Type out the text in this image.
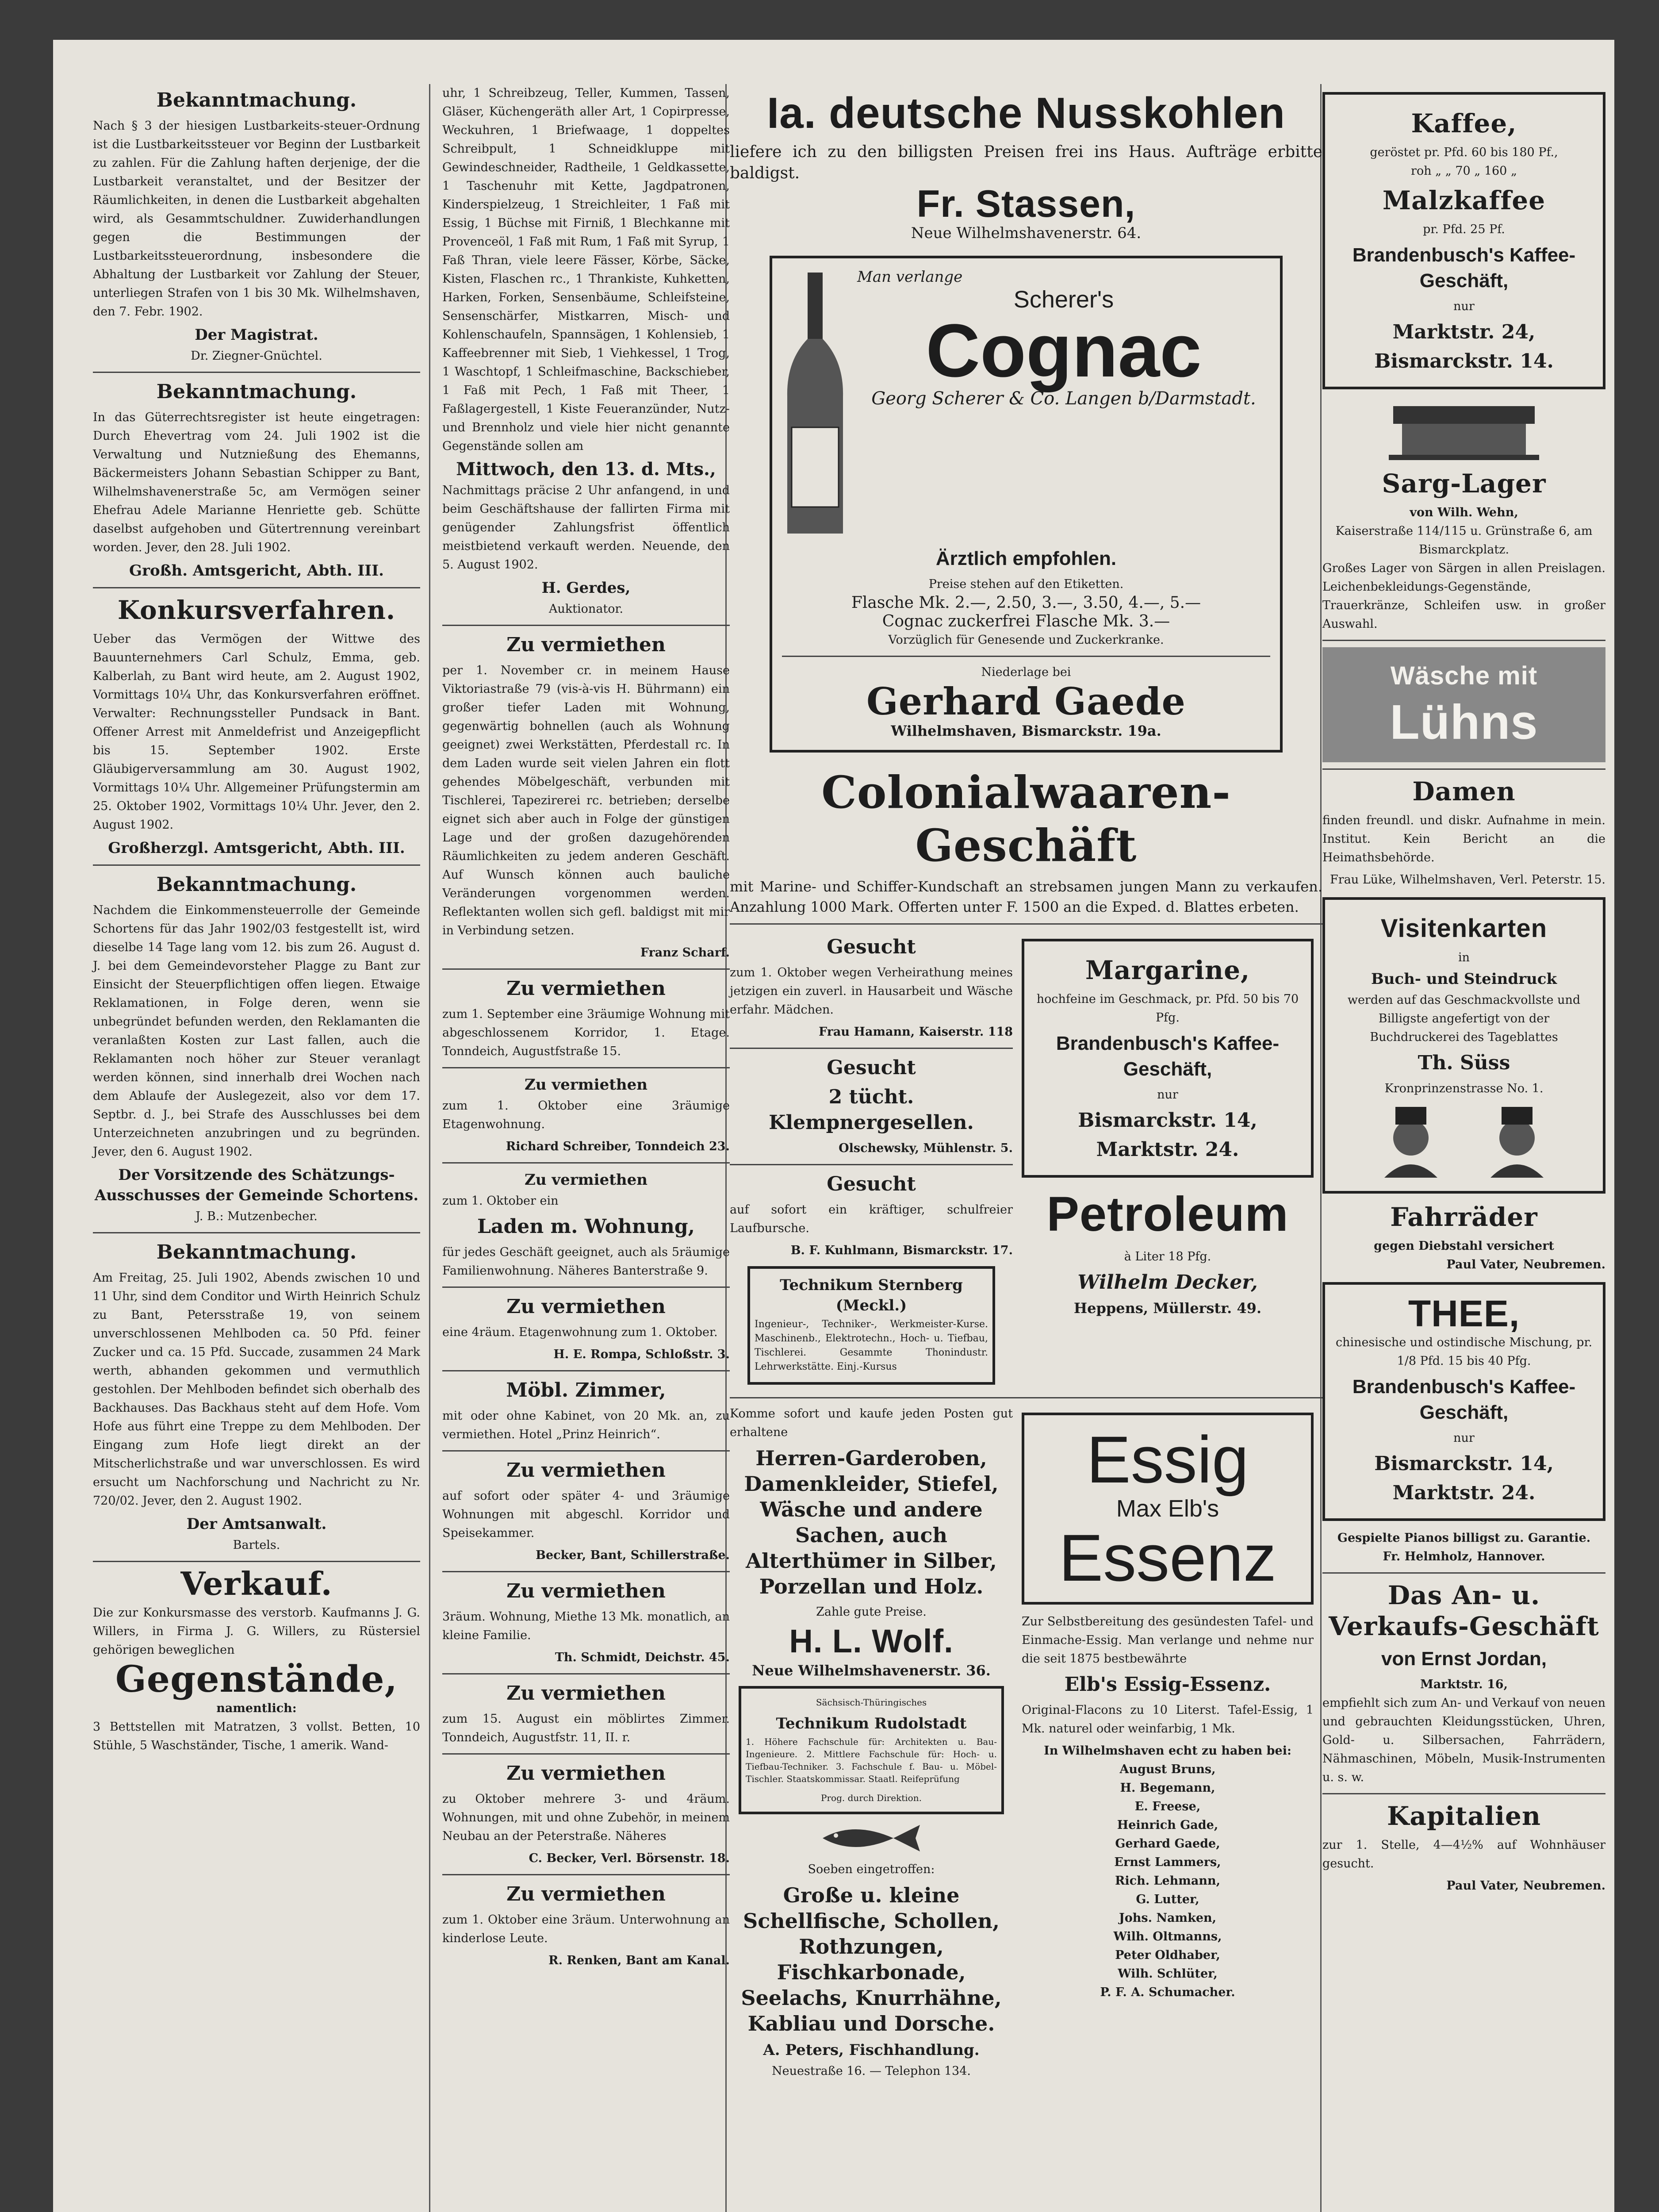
Bekanntmachung.

Nach § 3 der hiesigen Lustbarkeits-steuer-Ordnung ist die Lustbarkeitssteuer vor Beginn der Lustbarkeit zu zahlen. Für die Zahlung haften derjenige, der die Lustbarkeit veranstaltet, und der Besitzer der Räumlichkeiten, in denen die Lustbarkeit abgehalten wird, als Gesammtschuldner. Zuwiderhandlungen gegen die Bestimmungen der Lustbarkeitssteuerordnung, insbesondere die Abhaltung der Lustbarkeit vor Zahlung der Steuer, unterliegen Strafen von 1 bis 30 Mk. Wilhelmshaven, den 7. Febr. 1902.

Der Magistrat.
Dr. Ziegner-Gnüchtel.
Bekanntmachung.

In das Güterrechtsregister ist heute eingetragen: Durch Ehevertrag vom 24. Juli 1902 ist die Verwaltung und Nutznießung des Ehemanns, Bäckermeisters Johann Sebastian Schipper zu Bant, Wilhelmshavenerstraße 5c, am Vermögen seiner Ehefrau Adele Marianne Henriette geb. Schütte daselbst aufgehoben und Gütertrennung vereinbart worden. Jever, den 28. Juli 1902.

Großh. Amtsgericht, Abth. III.
Konkursverfahren.

Ueber das Vermögen der Wittwe des Bauunternehmers Carl Schulz, Emma, geb. Kalberlah, zu Bant wird heute, am 2. August 1902, Vormittags 10¼ Uhr, das Konkursverfahren eröffnet. Verwalter: Rechnungssteller Pundsack in Bant. Offener Arrest mit Anmeldefrist und Anzeigepflicht bis 15. September 1902. Erste Gläubigerversammlung am 30. August 1902, Vormittags 10¼ Uhr. Allgemeiner Prüfungstermin am 25. Oktober 1902, Vormittags 10¼ Uhr. Jever, den 2. August 1902.

Großherzgl. Amtsgericht, Abth. III.
Bekanntmachung.

Nachdem die Einkommensteuerrolle der Gemeinde Schortens für das Jahr 1902/03 festgestellt ist, wird dieselbe 14 Tage lang vom 12. bis zum 26. August d. J. bei dem Gemeindevorsteher Plagge zu Bant zur Einsicht der Steuerpflichtigen offen liegen. Etwaige Reklamationen, in Folge deren, wenn sie unbegründet befunden werden, den Reklamanten die veranlaßten Kosten zur Last fallen, auch die Reklamanten noch höher zur Steuer veranlagt werden können, sind innerhalb drei Wochen nach dem Ablaufe der Auslegezeit, also vor dem 17. Septbr. d. J., bei Strafe des Ausschlusses bei dem Unterzeichneten anzubringen und zu begründen. Jever, den 6. August 1902.

Der Vorsitzende des Schätzungs-Ausschusses der Gemeinde Schortens.
J. B.: Mutzenbecher.
Bekanntmachung.

Am Freitag, 25. Juli 1902, Abends zwischen 10 und 11 Uhr, sind dem Conditor und Wirth Heinrich Schulz zu Bant, Petersstraße 19, von seinem unverschlossenen Mehlboden ca. 50 Pfd. feiner Zucker und ca. 15 Pfd. Succade, zusammen 24 Mark werth, abhanden gekommen und vermuthlich gestohlen. Der Mehlboden befindet sich oberhalb des Backhauses. Das Backhaus steht auf dem Hofe. Vom Hofe aus führt eine Treppe zu dem Mehlboden. Der Eingang zum Hofe liegt direkt an der Mitscherlichstraße und war unverschlossen. Es wird ersucht um Nachforschung und Nachricht zu Nr. 720/02. Jever, den 2. August 1902.

Der Amtsanwalt.
Bartels.
Verkauf.

Die zur Konkursmasse des verstorb. Kaufmanns J. G. Willers, in Firma J. G. Willers, zu Rüstersiel gehörigen beweglichen

Gegenstände,
namentlich:

3 Bettstellen mit Matratzen, 3 vollst. Betten, 10 Stühle, 5 Waschständer, Tische, 1 amerik. Wand-

uhr, 1 Schreibzeug, Teller, Kummen, Tassen, Gläser, Küchengeräth aller Art, 1 Copirpresse, Weckuhren, 1 Briefwaage, 1 doppeltes Schreibpult, 1 Schneidkluppe mit Gewindeschneider, Radtheile, 1 Geldkassette, 1 Taschenuhr mit Kette, Jagdpatronen, Kinderspielzeug, 1 Streichleiter, 1 Faß mit Essig, 1 Büchse mit Firniß, 1 Blechkanne mit Provenceöl, 1 Faß mit Rum, 1 Faß mit Syrup, 1 Faß Thran, viele leere Fässer, Körbe, Säcke, Kisten, Flaschen rc., 1 Thrankiste, Kuhketten, Harken, Forken, Sensenbäume, Schleifsteine, Sensenschärfer, Mistkarren, Misch- und Kohlenschaufeln, Spannsägen, 1 Kohlensieb, 1 Kaffeebrenner mit Sieb, 1 Viehkessel, 1 Trog, 1 Waschtopf, 1 Schleifmaschine, Backschieber, 1 Faß mit Pech, 1 Faß mit Theer, 1 Faßlagergestell, 1 Kiste Feueranzünder, Nutz- und Brennholz und viele hier nicht genannte Gegenstände sollen am

Mittwoch, den 13. d. Mts.,

Nachmittags präcise 2 Uhr anfangend, in und beim Geschäftshause der fallirten Firma mit genügender Zahlungsfrist öffentlich meistbietend verkauft werden. Neuende, den 5. August 1902.

H. Gerdes,
Auktionator.
Zu vermiethen

per 1. November cr. in meinem Hause Viktoriastraße 79 (vis-à-vis H. Bührmann) ein großer tiefer Laden mit Wohnung, gegenwärtig bohnellen (auch als Wohnung geeignet) zwei Werkstätten, Pferdestall rc. In dem Laden wurde seit vielen Jahren ein flott gehendes Möbelgeschäft, verbunden mit Tischlerei, Tapezirerei rc. betrieben; derselbe eignet sich aber auch in Folge der günstigen Lage und der großen dazugehörenden Räumlichkeiten zu jedem anderen Geschäft. Auf Wunsch können auch bauliche Veränderungen vorgenommen werden. Reflektanten wollen sich gefl. baldigst mit mir in Verbindung setzen.

Franz Scharf.
Zu vermiethen

zum 1. September eine 3räumige Wohnung mit abgeschlossenem Korridor, 1. Etage. Tonndeich, Augustfstraße 15.

Zu vermiethen

zum 1. Oktober eine 3räumige Etagenwohnung.

Richard Schreiber, Tonndeich 23.
Zu vermiethen

zum 1. Oktober ein

Laden m. Wohnung,

für jedes Geschäft geeignet, auch als 5räumige Familienwohnung. Näheres Banterstraße 9.

Zu vermiethen

eine 4räum. Etagenwohnung zum 1. Oktober.

H. E. Rompa, Schloßstr. 3.
Möbl. Zimmer,

mit oder ohne Kabinet, von 20 Mk. an, zu vermiethen. Hotel „Prinz Heinrich“.

Zu vermiethen

auf sofort oder später 4- und 3räumige Wohnungen mit abgeschl. Korridor und Speisekammer.

Becker, Bant, Schillerstraße.
Zu vermiethen

3räum. Wohnung, Miethe 13 Mk. monatlich, an kleine Familie.

Th. Schmidt, Deichstr. 45.
Zu vermiethen

zum 15. August ein möblirtes Zimmer. Tonndeich, Augustfstr. 11, II. r.

Zu vermiethen

zu Oktober mehrere 3- und 4räum. Wohnungen, mit und ohne Zubehör, in meinem Neubau an der Peterstraße. Näheres

C. Becker, Verl. Börsenstr. 18.
Zu vermiethen

zum 1. Oktober eine 3räum. Unterwohnung an kinderlose Leute.

R. Renken, Bant am Kanal.
Ia. deutsche Nusskohlen

liefere ich zu den billigsten Preisen frei ins Haus. Aufträge erbitte baldigst.

Fr. Stassen,
Neue Wilhelmshavenerstr. 64.
Man verlange
Scherer's
Cognac
Georg Scherer & Co. Langen b/Darmstadt.
Ärztlich empfohlen.
Preise stehen auf den Etiketten.
Flasche Mk. 2.—, 2.50, 3.—, 3.50, 4.—, 5.—
Cognac zuckerfrei Flasche Mk. 3.—
Vorzüglich für Genesende und Zuckerkranke.
Niederlage bei
Gerhard Gaede
Wilhelmshaven, Bismarckstr. 19a.
Colonialwaaren-Geschäft

mit Marine- und Schiffer-Kundschaft an strebsamen jungen Mann zu verkaufen. Anzahlung 1000 Mark. Offerten unter F. 1500 an die Exped. d. Blattes erbeten.

Gesucht

zum 1. Oktober wegen Verheirathung meines jetzigen ein zuverl. in Hausarbeit und Wäsche erfahr. Mädchen.

Frau Hamann, Kaiserstr. 118
Gesucht
2 tücht. Klempnergesellen.
Olschewsky, Mühlenstr. 5.
Gesucht

auf sofort ein kräftiger, schulfreier Laufbursche.

B. F. Kuhlmann, Bismarckstr. 17.
Technikum Sternberg (Meckl.)

Ingenieur-, Techniker-, Werkmeister-Kurse. Maschinenb., Elektrotechn., Hoch- u. Tiefbau, Tischlerei. Gesammte Thonindustr. Lehrwerkstätte. Einj.-Kursus

Margarine,

hochfeine im Geschmack, pr. Pfd. 50 bis 70 Pfg.

Brandenbusch's Kaffee-Geschäft,
nur
Bismarckstr. 14,
Marktstr. 24.
Petroleum
à Liter 18 Pfg.
Wilhelm Decker,
Heppens, Müllerstr. 49.

Komme sofort und kaufe jeden Posten gut erhaltene

Herren-Garderoben, Damenkleider, Stiefel, Wäsche und andere Sachen, auch Alterthümer in Silber, Porzellan und Holz.
Zahle gute Preise.
H. L. Wolf.
Neue Wilhelmshavenerstr. 36.
Sächsisch-Thüringisches
Technikum Rudolstadt

1. Höhere Fachschule für: Architekten u. Bau-Ingenieure. 2. Mittlere Fachschule für: Hoch- u. Tiefbau-Techniker. 3. Fachschule f. Bau- u. Möbel-Tischler. Staatskommissar. Staatl. Reifeprüfung

Prog. durch Direktion.
Soeben eingetroffen:
Große u. kleine Schellfische, Schollen, Rothzungen, Fischkarbonade, Seelachs, Knurrhähne, Kabliau und Dorsche.
A. Peters, Fischhandlung.
Neuestraße 16. — Telephon 134.
Essig
Max Elb's
Essenz

Zur Selbstbereitung des gesündesten Tafel- und Einmache-Essig. Man verlange und nehme nur die seit 1875 bestbewährte

Elb's Essig-Essenz.

Original-Flacons zu 10 Literst. Tafel-Essig, 1 Mk. naturel oder weinfarbig, 1 Mk.

In Wilhelmshaven echt zu haben bei:
August Bruns,
H. Begemann,
E. Freese,
Heinrich Gade,
Gerhard Gaede,
Ernst Lammers,
Rich. Lehmann,
G. Lutter,
Johs. Namken,
Wilh. Oltmanns,
Peter Oldhaber,
Wilh. Schlüter,
P. F. A. Schumacher.
Kaffee,
geröstet pr. Pfd. 60 bis 180 Pf.,
roh „ „ 70 „ 160 „
Malzkaffee
pr. Pfd. 25 Pf.
Brandenbusch's Kaffee-Geschäft,
nur
Marktstr. 24,
Bismarckstr. 14.
Sarg-Lager
von Wilh. Wehn,
Kaiserstraße 114/115 u. Grünstraße 6, am Bismarckplatz.

Großes Lager von Särgen in allen Preislagen. Leichenbekleidungs-Gegenstände, Trauerkränze, Schleifen usw. in großer Auswahl.

Wäsche mit
Lühns
Damen

finden freundl. und diskr. Aufnahme in mein. Institut. Kein Bericht an die Heimathsbehörde.

Frau Lüke, Wilhelmshaven, Verl. Peterstr. 15.
Visitenkarten
in
Buch- und Steindruck

werden auf das Geschmackvollste und Billigste angefertigt von der Buchdruckerei des Tageblattes

Th. Süss
Kronprinzenstrasse No. 1.
Fahrräder
gegen Diebstahl versichert
Paul Vater, Neubremen.
THEE,

chinesische und ostindische Mischung, pr. 1/8 Pfd. 15 bis 40 Pfg.

Brandenbusch's Kaffee-Geschäft,
nur
Bismarckstr. 14,
Marktstr. 24.
Gespielte Pianos billigst zu. Garantie.
Fr. Helmholz, Hannover.
Das An- u. Verkaufs-Geschäft
von Ernst Jordan,
Marktstr. 16,

empfiehlt sich zum An- und Verkauf von neuen und gebrauchten Kleidungsstücken, Uhren, Gold- u. Silbersachen, Fahrrädern, Nähmaschinen, Möbeln, Musik-Instrumenten u. s. w.

Kapitalien

zur 1. Stelle, 4—4½% auf Wohnhäuser gesucht.

Paul Vater, Neubremen.
